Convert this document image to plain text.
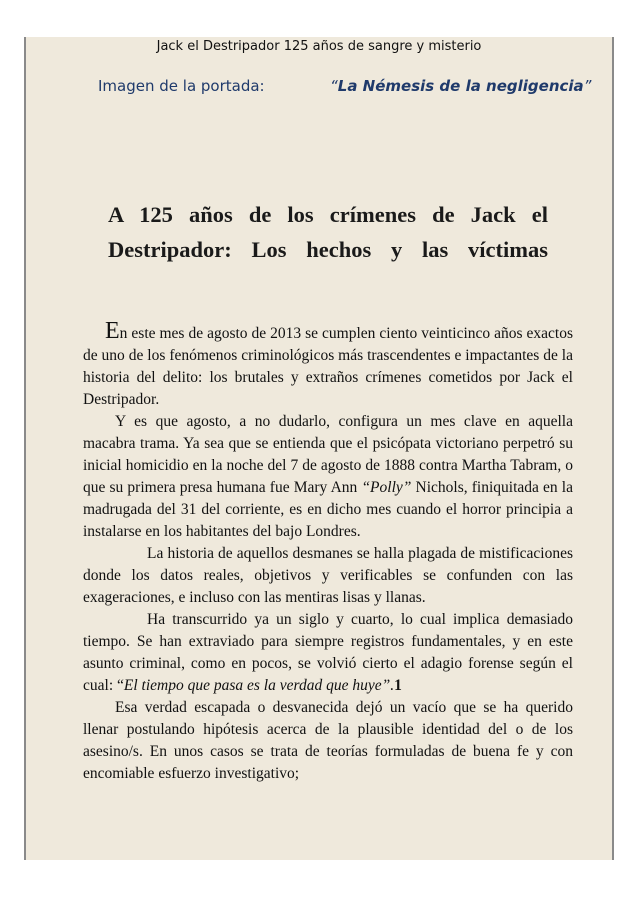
Jack el Destripador 125 años de sangre y misterio
Imagen de la portada:	“La Némesis de la negligencia”
A 125 años de los crímenes de Jack el Destripador: Los hechos y las víctimas

En este mes de agosto de 2013 se cumplen ciento veinticinco años exactos de uno de los fenómenos criminológicos más trascendentes e impactantes de la historia del delito: los brutales y extraños crímenes cometidos por Jack el Destripador.

Y es que agosto, a no dudarlo, configura un mes clave en aquella macabra trama. Ya sea que se entienda que el psicópata victoriano perpetró su inicial homicidio en la noche del 7 de agosto de 1888 contra Martha Tabram, o que su primera presa humana fue Mary Ann “Polly” Nichols, finiquitada en la madrugada del 31 del corriente, es en dicho mes cuando el horror principia a instalarse en los habitantes del bajo Londres.

La historia de aquellos desmanes se halla plagada de mistificaciones donde los datos reales, objetivos y verificables se confunden con las exageraciones, e incluso con las mentiras lisas y llanas.

Ha transcurrido ya un siglo y cuarto, lo cual implica demasiado tiempo. Se han extraviado para siempre registros fundamentales, y en este asunto criminal, como en pocos, se volvió cierto el adagio forense según el cual: “El tiempo que pasa es la verdad que huye”.1

Esa verdad escapada o desvanecida dejó un vacío que se ha querido llenar postulando hipótesis acerca de la plausible identidad del o de los asesino/s. En unos casos se trata de teorías formuladas de buena fe y con encomiable esfuerzo investigativo;
